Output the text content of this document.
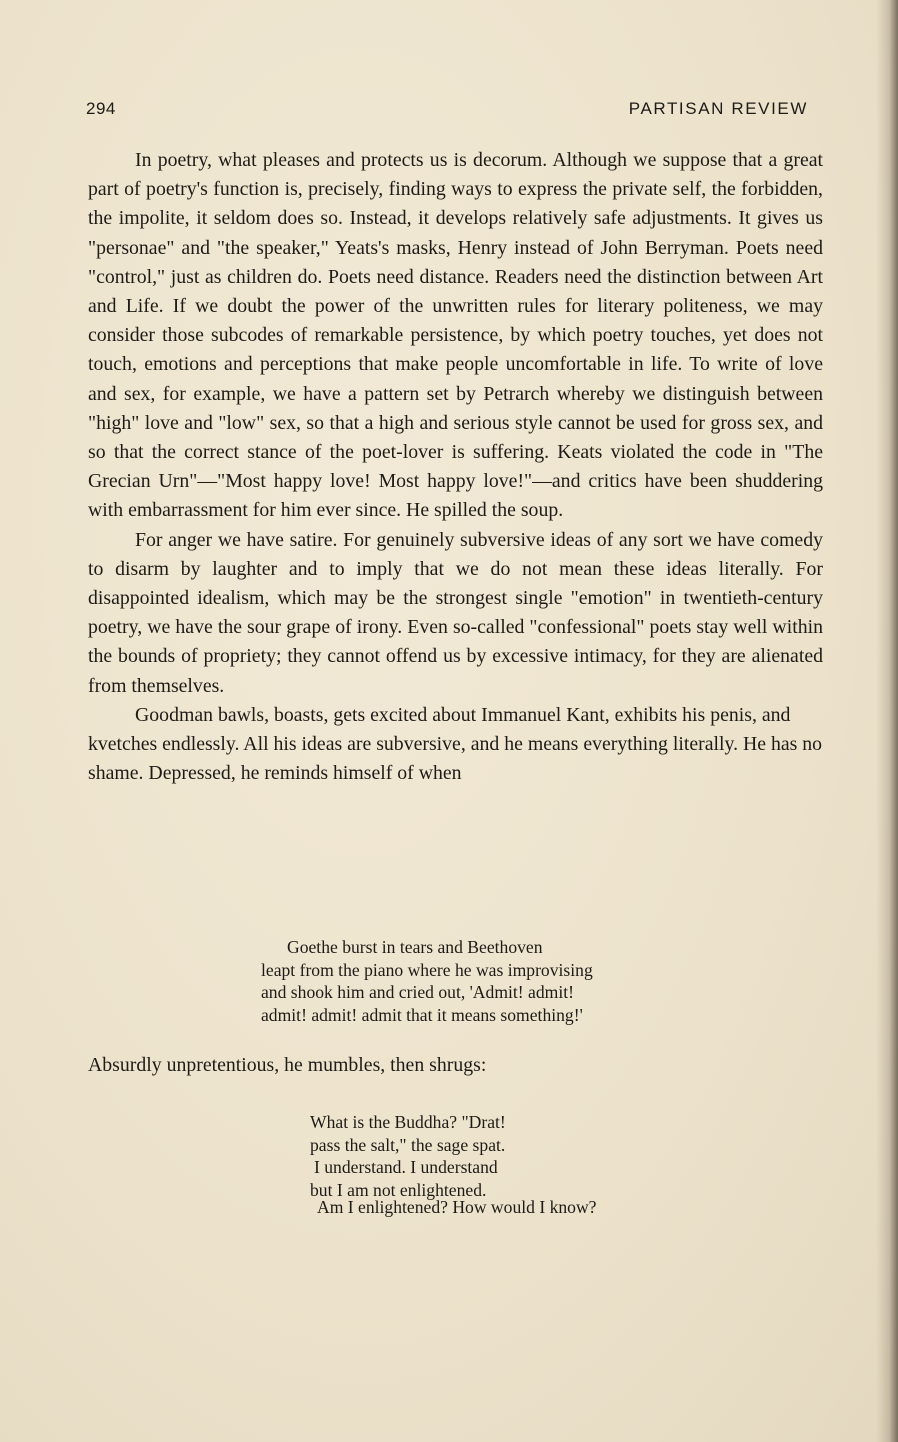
294	PARTISAN REVIEW

In poetry, what pleases and protects us is decorum. Although we suppose that a great part of poetry's function is, precisely, finding ways to express the private self, the forbidden, the impolite, it seldom does so. Instead, it develops relatively safe adjustments. It gives us "personae" and "the speaker," Yeats's masks, Henry instead of John Berryman. Poets need "control," just as children do. Poets need distance. Readers need the distinction between Art and Life. If we doubt the power of the unwritten rules for literary politeness, we may consider those subcodes of remarkable persistence, by which poetry touches, yet does not touch, emotions and perceptions that make people uncomfortable in life. To write of love and sex, for example, we have a pattern set by Petrarch whereby we distinguish between "high" love and "low" sex, so that a high and serious style cannot be used for gross sex, and so that the correct stance of the poet-lover is suffering. Keats violated the code in "The Grecian Urn"—"Most happy love! Most happy love!"—and critics have been shuddering with embarrassment for him ever since. He spilled the soup.

For anger we have satire. For genuinely subversive ideas of any sort we have comedy to disarm by laughter and to imply that we do not mean these ideas literally. For disappointed idealism, which may be the strongest single "emotion" in twentieth-century poetry, we have the sour grape of irony. Even so-called "confessional" poets stay well within the bounds of propriety; they cannot offend us by excessive intimacy, for they are alienated from themselves.

Goodman bawls, boasts, gets excited about Immanuel Kant, exhibits his penis, and kvetches endlessly. All his ideas are subversive, and he means everything literally. He has no shame. Depressed, he reminds himself of when

Goethe burst in tears and Beethoven
leapt from the piano where he was improvising
and shook him and cried out, 'Admit! admit!
admit! admit! admit that it means something!'
Absurdly unpretentious, he mumbles, then shrugs:
What is the Buddha? "Drat!
pass the salt," the sage spat.
I understand. I understand
but I am not enlightened.
Am I enlightened? How would I know?
